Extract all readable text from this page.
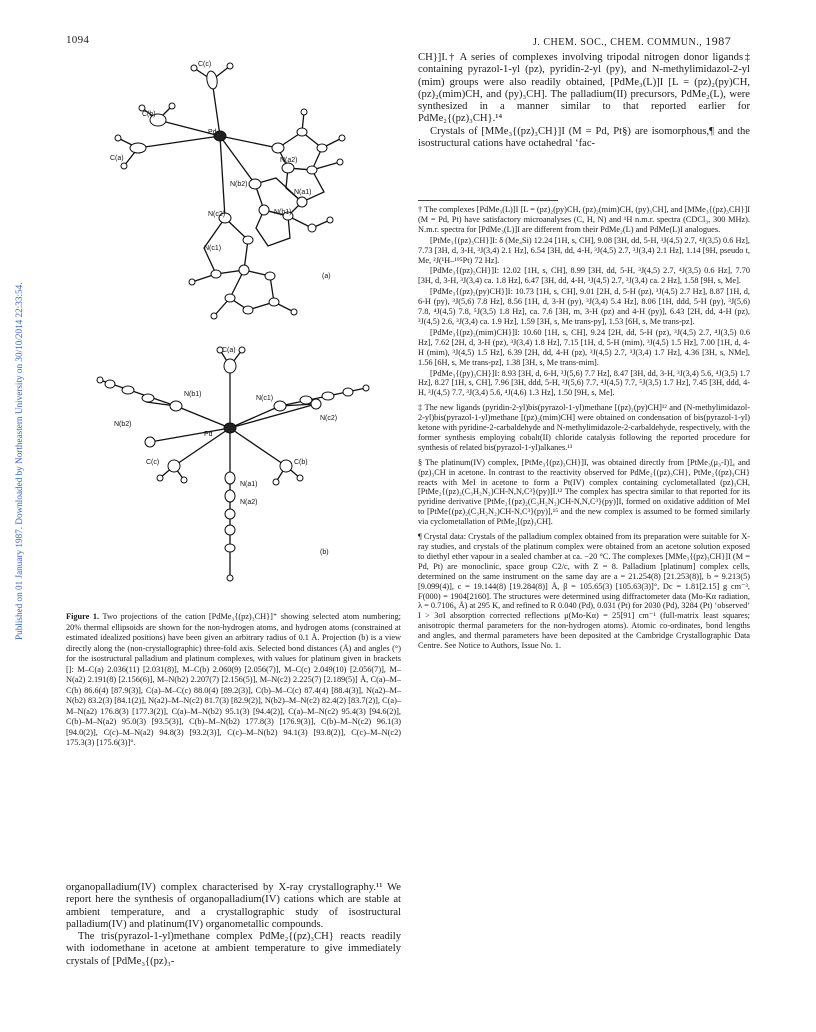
1094	J. CHEM. SOC., CHEM. COMMUN., 1987
Published on 01 January 1987. Downloaded by Northeastern University on 30/10/2014 22:33:54.
C(c)
C(b)
C(a)
Pd
N(a2)
N(a1)
N(b2)
N(b1)
N(c2)
N(c1)
(a)
C(a)
N(b1)
N(c1)
N(c2)
N(b2)
Pd
C(c)	C(b)
N(a1)
N(a2)
(b)
Figure 1. Two projections of the cation [PdMe₃{(pz)₃CH}]⁺ showing selected atom numbering; 20% thermal ellipsoids are shown for the non-hydrogen atoms, and hydrogen atoms (constrained at estimated idealized positions) have been given an arbitrary radius of 0.1 Å. Projection (b) is a view directly along the (non-crystallographic) three-fold axis. Selected bond distances (Å) and angles (°) for the isostructural palladium and platinum complexes, with values for platinum given in brackets []: M–C(a) 2.036(11) [2.031(8)], M–C(b) 2.060(9) [2.056(7)], M–C(c) 2.049(10) [2.056(7)], M–N(a2) 2.191(8) [2.156(6)], M–N(b2) 2.207(7) [2.156(5)], M–N(c2) 2.225(7) [2.189(5)] Å, C(a)–M–C(b) 86.6(4) [87.9(3)], C(a)–M–C(c) 88.0(4) [89.2(3)], C(b)–M–C(c) 87.4(4) [88.4(3)], N(a2)–M–N(b2) 83.2(3) [84.1(2)], N(a2)–M–N(c2) 81.7(3) [82.9(2)], N(b2)–M–N(c2) 82.4(2) [83.7(2)], C(a)–M–N(a2) 176.8(3) [177.3(2)], C(a)–M–N(b2) 95.1(3) [94.4(2)], C(a)–M–N(c2) 95.4(3) [94.6(2)], C(b)–M–N(a2) 95.0(3) [93.5(3)], C(b)–M–N(b2) 177.8(3) [176.9(3)], C(b)–M–N(c2) 96.1(3) [94.0(2)], C(c)–M–N(a2) 94.8(3) [93.2(3)], C(c)–M–N(b2) 94.1(3) [93.8(2)], C(c)–M–N(c2) 175.3(3) [175.6(3)]°.

organopalladium(IV) complex characterised by X-ray crystallography.¹¹ We report here the synthesis of organopalladium(IV) cations which are stable at ambient temperature, and a crystallographic study of isostructural palladium(IV) and platinum(IV) organometallic compounds.

The tris(pyrazol-1-yl)methane complex PdMe₂{(pz)₃CH} reacts readily with iodomethane in acetone at ambient temperature to give immediately crystals of [PdMe₃{(pz)₃-

CH}]I.† A series of complexes involving tripodal nitrogen donor ligands‡ containing pyrazol-1-yl (pz), pyridin-2-yl (py), and N-methylimidazol-2-yl (mim) groups were also readily obtained, [PdMe₃(L)]I [L = (pz)₂(py)CH, (pz)₂(mim)CH, and (py)₃CH]. The palladium(II) precursors, PdMe₂(L), were synthesized in a manner similar to that reported earlier for PdMe₂{(pz)₃CH}.¹⁴

Crystals of [MMe₃{(pz)₃CH}]I (M = Pd, Pt§) are isomorphous,¶ and the isostructural cations have octahedral ‘fac-

† The complexes [PdMe₃(L)]I [L = (pz)₂(py)CH, (pz)₂(mim)CH, (py)₃CH], and [MMe₃{(pz)₃CH}]I (M = Pd, Pt) have satisfactory microanalyses (C, H, N) and ¹H n.m.r. spectra (CDCl₃, 300 MHz). N.m.r. spectra for [PdMe₃(L)]I are different from their PdMe₂(L) and PdMe(L)I analogues.

[PtMe₃{(pz)₃CH}]I: δ (Me₄Si) 12.24 [1H, s, CH], 9.08 [3H, dd, 5-H, ³J(4,5) 2.7, ⁴J(3,5) 0.6 Hz], 7.73 [3H, d, 3-H, ³J(3,4) 2.1 Hz], 6.54 [3H, dd, 4-H, ³J(4,5) 2.7, ³J(3,4) 2.1 Hz], 1.14 [9H, pseudo t, Me, ²J(¹H–¹⁹⁵Pt) 72 Hz].

[PdMe₃{(pz)₃CH}]I: 12.02 [1H, s, CH], 8.99 [3H, dd, 5-H, ³J(4,5) 2.7, ⁴J(3,5) 0.6 Hz], 7.70 [3H, d, 3-H, ³J(3,4) ca. 1.8 Hz], 6.47 [3H, dd, 4-H, ³J(4,5) 2.7, ³J(3,4) ca. 2 Hz], 1.58 [9H, s, Me].

[PdMe₃{(pz)₂(py)CH}]I: 10.73 [1H, s, CH], 9.01 [2H, d, 5-H (pz), ³J(4,5) 2.7 Hz], 8.87 [1H, d, 6-H (py), ³J(5,6) 7.8 Hz], 8.56 [1H, d, 3-H (py), ³J(3,4) 5.4 Hz], 8.06 [1H, ddd, 5-H (py), ³J(5,6) 7.8, ⁴J(4,5) 7.8, ⁵J(3,5) 1.8 Hz], ca. 7.6 [3H, m, 3-H (pz) and 4-H (py)], 6.43 [2H, dd, 4-H (pz), ³J(4,5) 2.6, ³J(3,4) ca. 1.9 Hz], 1.59 [3H, s, Me trans-py], 1.53 [6H, s, Me trans-pz].

[PdMe₃{(pz)₂(mim)CH}]I: 10.60 [1H, s, CH], 9.24 [2H, dd, 5-H (pz), ³J(4,5) 2.7, ⁴J(3,5) 0.6 Hz], 7.62 [2H, d, 3-H (pz), ³J(3,4) 1.8 Hz], 7.15 [1H, d, 5-H (mim), ³J(4,5) 1.5 Hz], 7.00 [1H, d, 4-H (mim), ³J(4,5) 1.5 Hz], 6.39 [2H, dd, 4-H (pz), ³J(4,5) 2.7, ³J(3,4) 1.7 Hz], 4.36 [3H, s, NMe], 1.56 [6H, s, Me trans-pz], 1.38 [3H, s, Me trans-mim].

[PdMe₃{(py)₃CH}]I: 8.93 [3H, d, 6-H, ³J(5,6) 7.7 Hz], 8.47 [3H, dd, 3-H, ³J(3,4) 5.6, ⁴J(3,5) 1.7 Hz], 8.27 [1H, s, CH], 7.96 [3H, ddd, 5-H, ³J(5,6) 7.7, ⁴J(4,5) 7.7, ⁵J(3,5) 1.7 Hz], 7.45 [3H, ddd, 4-H, ³J(4,5) 7.7, ³J(3,4) 5.6, ⁴J(4,6) 1.3 Hz], 1.50 [9H, s, Me].

‡ The new ligands (pyridin-2-yl)bis(pyrazol-1-yl)methane [(pz)₂(py)CH]¹² and (N-methylimidazol-2-yl)bis(pyrazol-1-yl)methane [(pz)₂(mim)CH] were obtained on condensation of bis(pyrazol-1-yl) ketone with pyridine-2-carbaldehyde and N-methylimidazole-2-carbaldehyde, respectively, with the former synthesis employing cobalt(II) chloride catalysis following the reported procedure for synthesis of related bis(pyrazol-1-yl)alkanes.¹³

§ The platinum(IV) complex, [PtMe₃{(pz)₃CH}]I, was obtained directly from [PtMe₃(μ₃-I)]₄ and (pz)₃CH in acetone. In contrast to the reactivity observed for PdMe₂{(pz)₃CH}, PtMe₂{(pz)₃CH} reacts with MeI in acetone to form a Pt(IV) complex containing cyclometallated (pz)₃CH, [PtMe₂{(pz)₂(C₃H₂N₂)CH-N,N,C³}(py)]I.¹² The complex has spectra similar to that reported for its pyridine derivative [PtMe₂{(pz)₂(C₃H₂N₂)CH-N,N,C³}(py)]I, formed on oxidative addition of MeI to [PtMe{(pz)₂(C₃H₂N₂)CH-N,C³}(py)],¹⁵ and the new complex is assumed to be formed similarly via cyclometallation of PtMe₂[(pz)₃CH].

¶ Crystal data: Crystals of the palladium complex obtained from its preparation were suitable for X-ray studies, and crystals of the platinum complex were obtained from an acetone solution exposed to diethyl ether vapour in a sealed chamber at ca. −20 °C. The complexes [MMe₃{(pz)₃CH}]I (M = Pd, Pt) are monoclinic, space group C2/c, with Z = 8. Palladium [platinum] complex cells, determined on the same instrument on the same day are a = 21.254(8) [21.253(8)], b = 9.213(5) [9.099(4)], c = 19.144(8) [19.284(8)] Å, β = 105.65(3) [105.63(3)]°, Dc = 1.81[2.15] g cm⁻³, F(000) = 1904[2160]. The structures were determined using diffractometer data (Mo-Kα radiation, λ = 0.7106₉ Å) at 295 K, and refined to R 0.040 (Pd), 0.031 (Pt) for 2030 (Pd), 3284 (Pt) ‘observed’ I > 3σI absorption corrected reflections μ(Mo-Kα) = 25[91] cm⁻¹ (full-matrix least squares; anisotropic thermal parameters for the non-hydrogen atoms). Atomic co-ordinates, bond lengths and angles, and thermal parameters have been deposited at the Cambridge Crystallographic Data Centre. See Notice to Authors, Issue No. 1.
